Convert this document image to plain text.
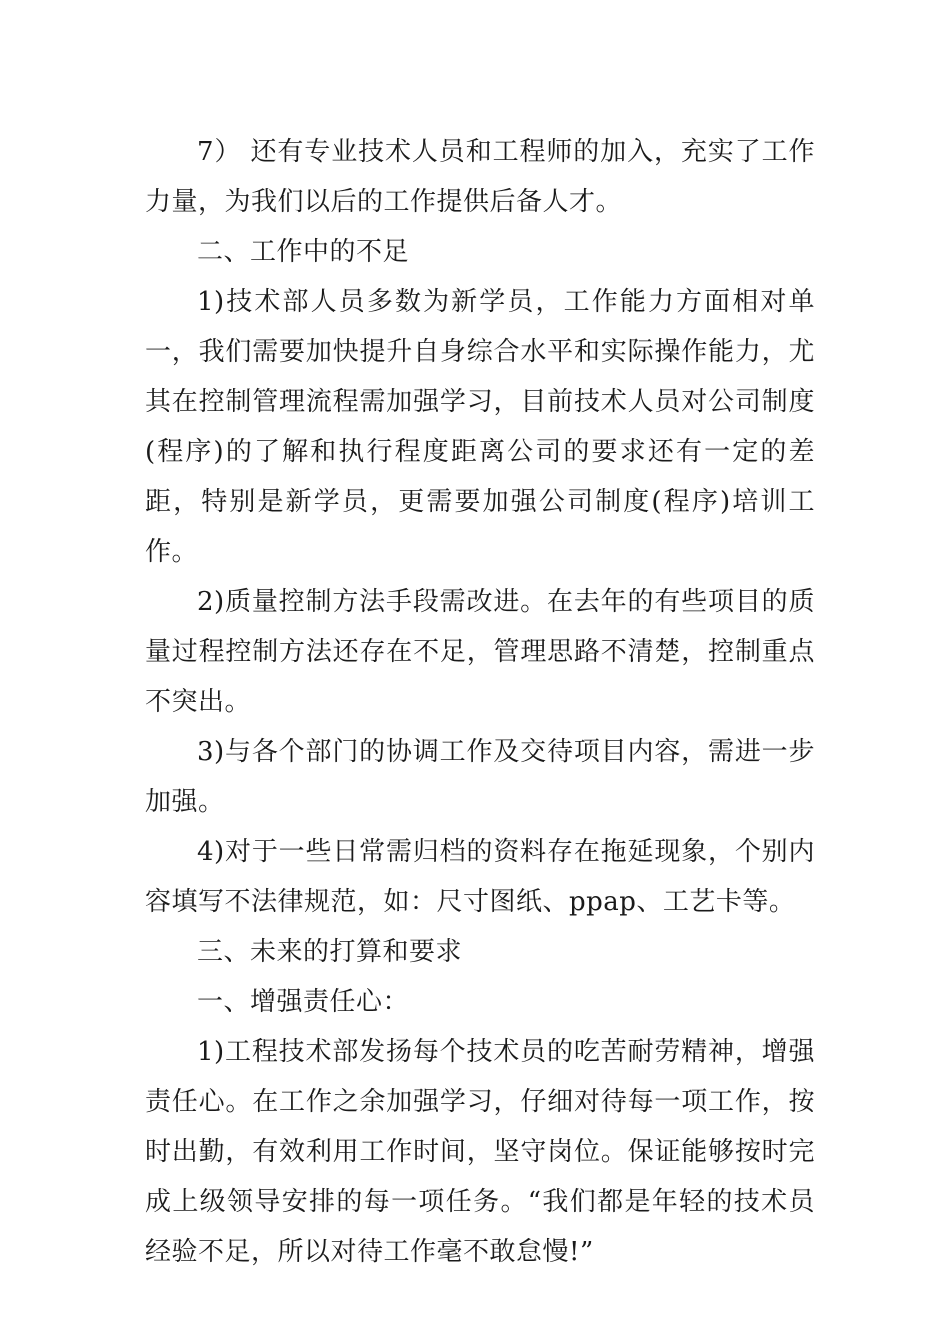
7） 还有专业技术人员和工程师的加入，充实了工作力量，为我们以后的工作提供后备人才。

二、工作中的不足

1)技术部人员多数为新学员，工作能力方面相对单一，我们需要加快提升自身综合水平和实际操作能力，尤其在控制管理流程需加强学习，目前技术人员对公司制度(程序)的了解和执行程度距离公司的要求还有一定的差距，特别是新学员，更需要加强公司制度(程序)培训工作。

2)质量控制方法手段需改进。在去年的有些项目的质量过程控制方法还存在不足，管理思路不清楚，控制重点不突出。

3)与各个部门的协调工作及交待项目内容，需进一步加强。

4)对于一些日常需归档的资料存在拖延现象，个别内容填写不法律规范，如：尺寸图纸、ppap、工艺卡等。

三、未来的打算和要求

一、增强责任心：

1)工程技术部发扬每个技术员的吃苦耐劳精神，增强责任心。在工作之余加强学习，仔细对待每一项工作，按时出勤，有效利用工作时间，坚守岗位。保证能够按时完成上级领导安排的每一项任务。“我们都是年轻的技术员经验不足，所以对待工作毫不敢怠慢!”
